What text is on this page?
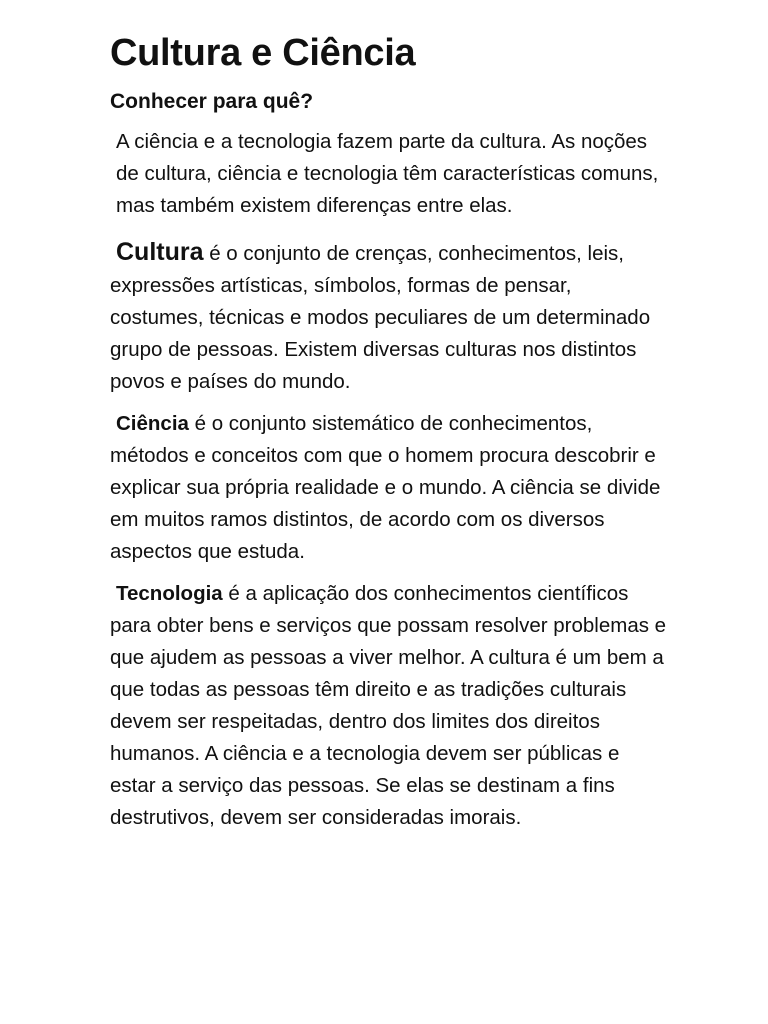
Cultura e Ciência
Conhecer para quê?

A ciência e a tecnologia fazem parte da cultura. As noções de cultura, ciência e tecnologia têm características comuns, mas também existem diferenças entre elas.

Cultura é o conjunto de crenças, conhecimentos, leis, expressões artísticas, símbolos, formas de pensar, costumes, técnicas e modos peculiares de um determinado grupo de pessoas. Existem diversas culturas nos distintos povos e países do mundo.

Ciência é o conjunto sistemático de conhecimentos, métodos e conceitos com que o homem procura descobrir e explicar sua própria realidade e o mundo. A ciência se divide em muitos ramos distintos, de acordo com os diversos aspectos que estuda.

Tecnologia é a aplicação dos conhecimentos científicos para obter bens e serviços que possam resolver problemas e que ajudem as pessoas a viver melhor. A cultura é um bem a que todas as pessoas têm direito e as tradições culturais devem ser respeitadas, dentro dos limites dos direitos humanos. A ciência e a tecnologia devem ser públicas e estar a serviço das pessoas. Se elas se destinam a fins destrutivos, devem ser consideradas imorais.
